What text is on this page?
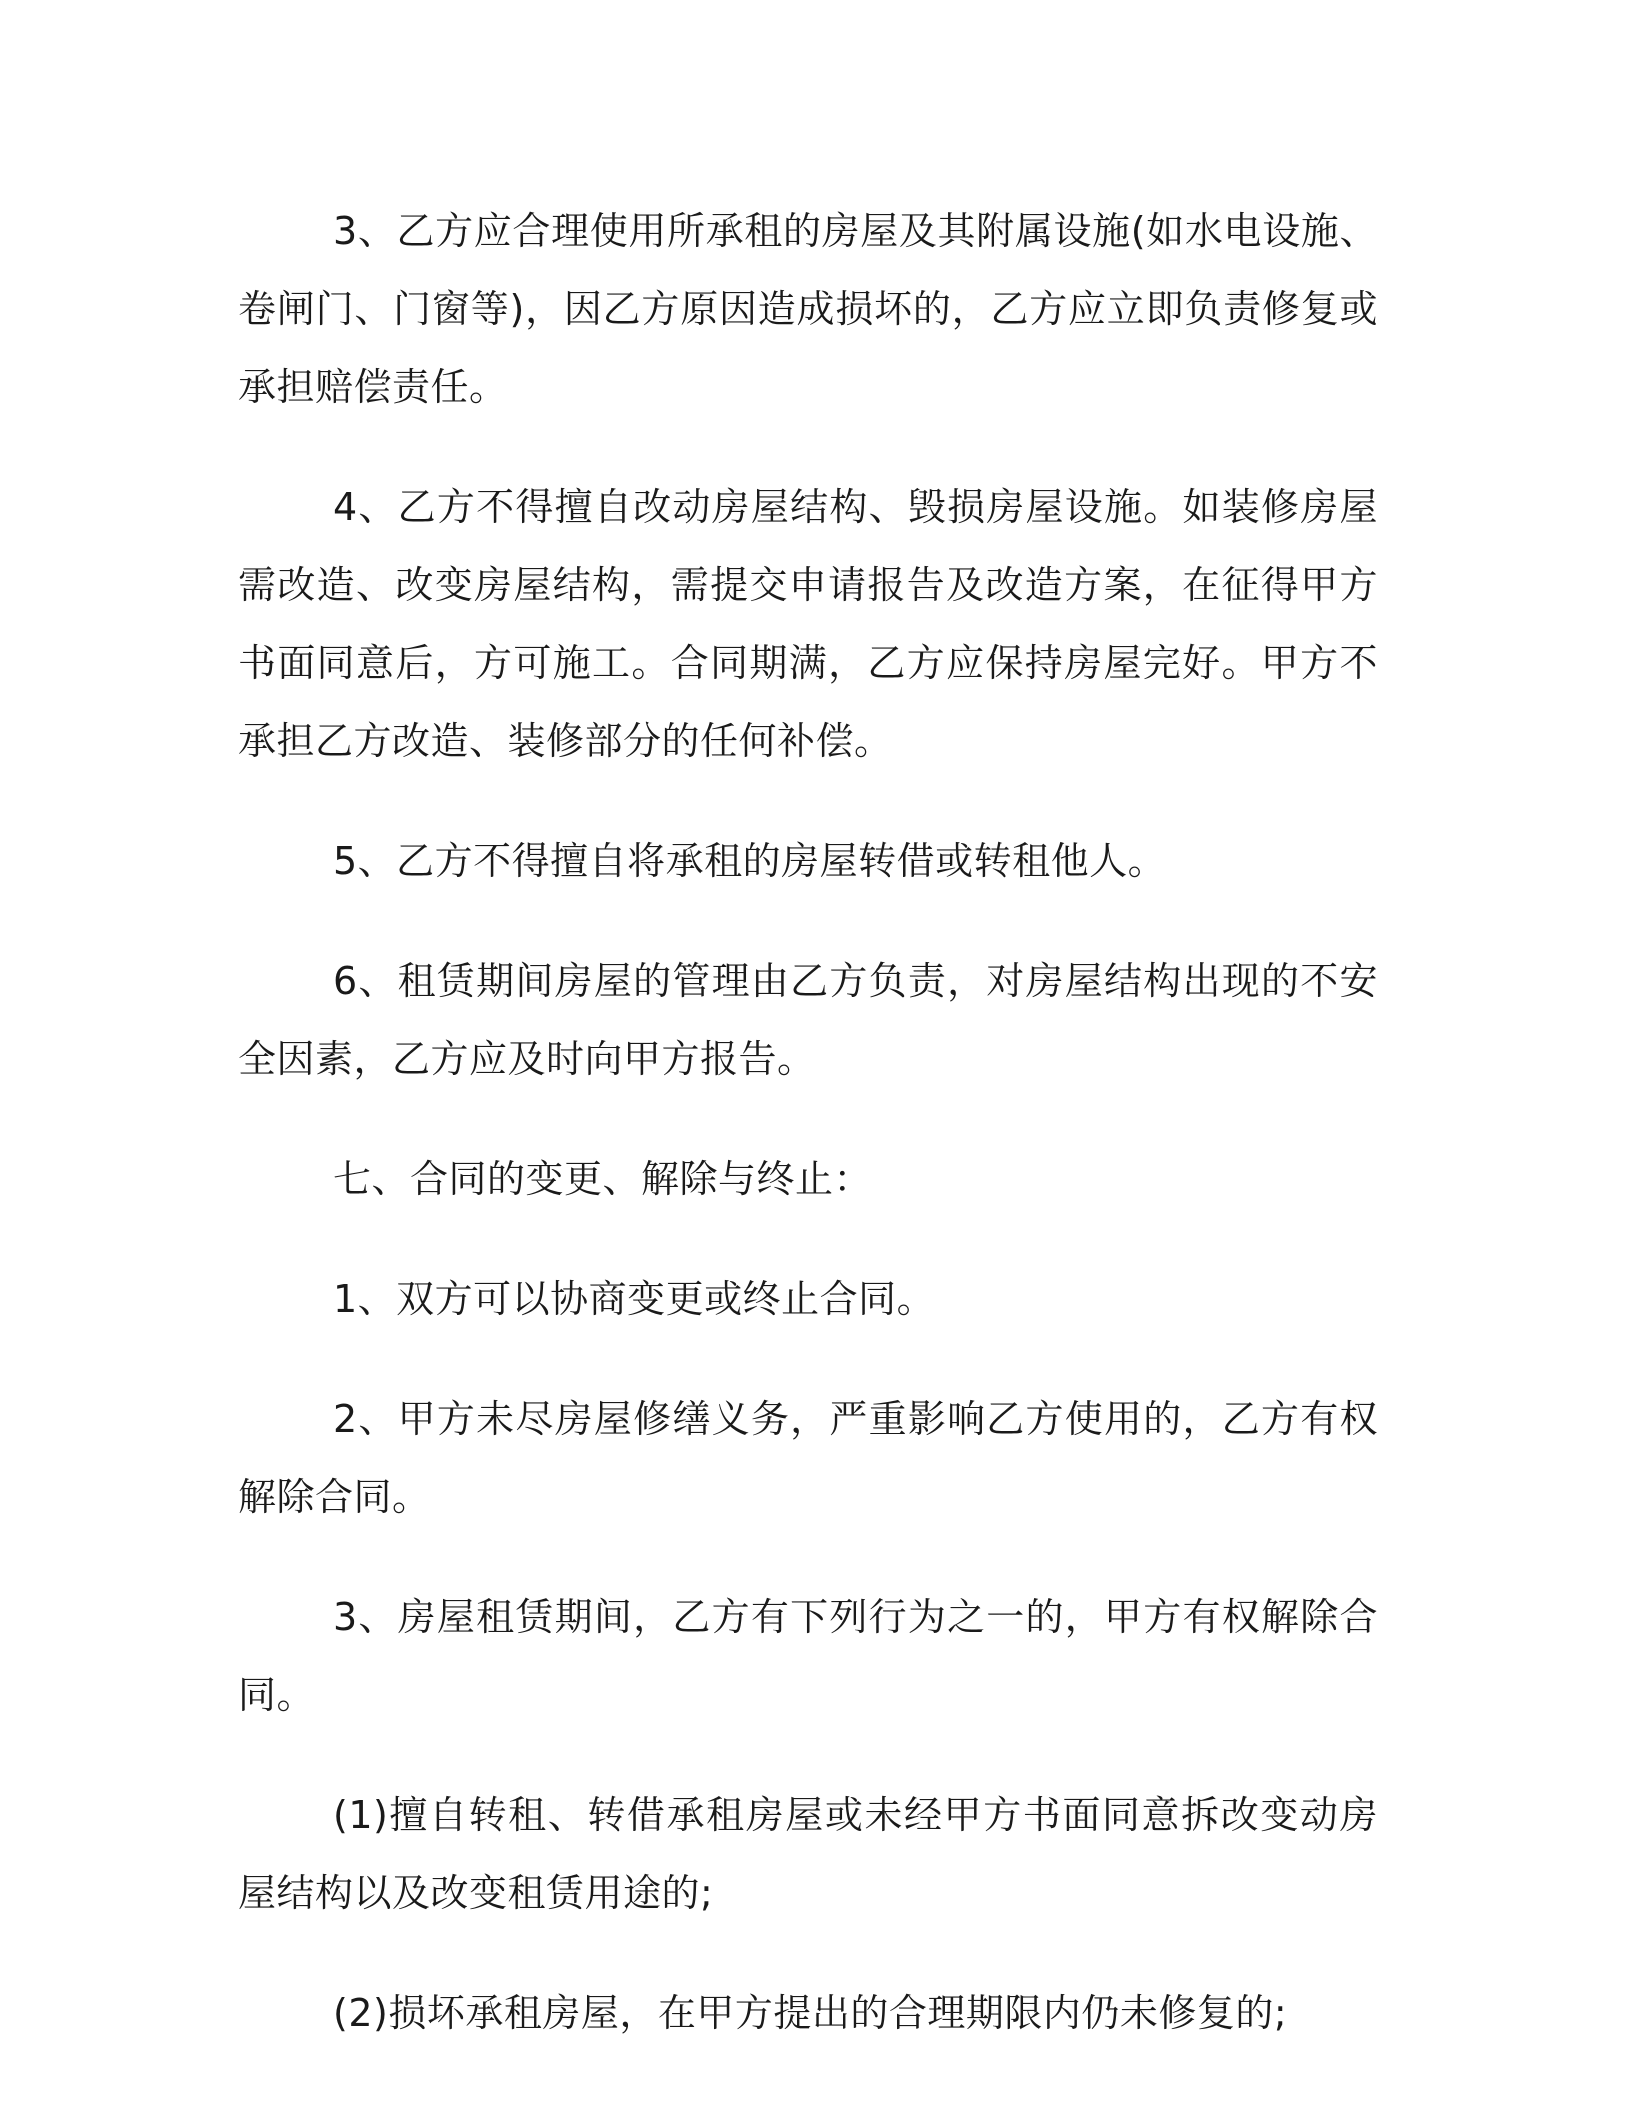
3、乙方应合理使用所承租的房屋及其附属设施(如水电设施、卷闸门、门窗等)，因乙方原因造成损坏的，乙方应立即负责修复或承担赔偿责任。

4、乙方不得擅自改动房屋结构、毁损房屋设施。如装修房屋需改造、改变房屋结构，需提交申请报告及改造方案，在征得甲方书面同意后，方可施工。合同期满，乙方应保持房屋完好。甲方不承担乙方改造、装修部分的任何补偿。

5、乙方不得擅自将承租的房屋转借或转租他人。

6、租赁期间房屋的管理由乙方负责，对房屋结构出现的不安全因素，乙方应及时向甲方报告。

七、合同的变更、解除与终止：

1、双方可以协商变更或终止合同。

2、甲方未尽房屋修缮义务，严重影响乙方使用的，乙方有权解除合同。

3、房屋租赁期间，乙方有下列行为之一的，甲方有权解除合同。

(1)擅自转租、转借承租房屋或未经甲方书面同意拆改变动房屋结构以及改变租赁用途的;

(2)损坏承租房屋，在甲方提出的合理期限内仍未修复的;
